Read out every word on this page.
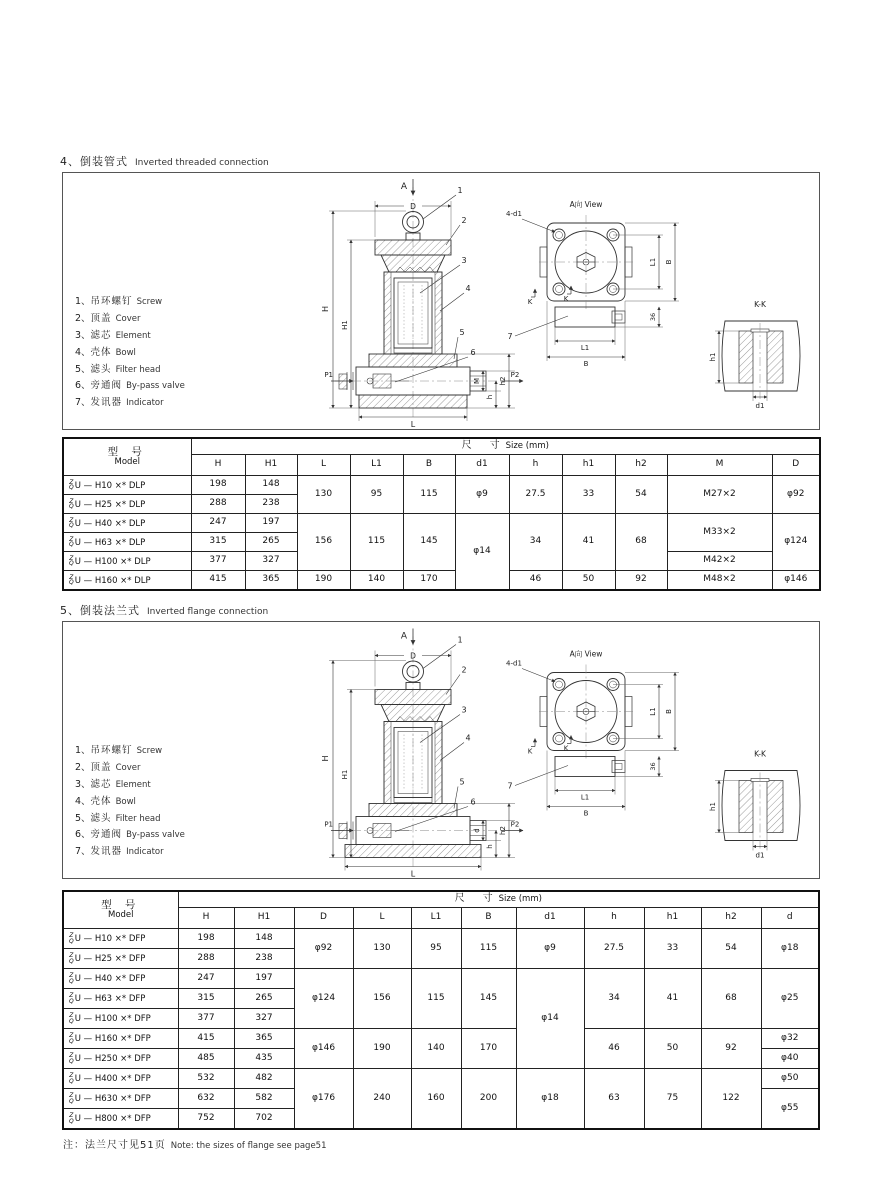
4、倒装管式 Inverted threaded connection
1、吊环螺钉 Screw
2、顶盖 Cover
3、滤芯 Element
4、壳体 Bowl
5、滤头 Filter head
6、旁通阀 By-pass valve
7、发讯器 Indicator
A
D
P1	P2
M
h
h2
H
H1
L
1
2
3
4
5
6
A向 View
4-d1
K	K
7
L1 B
36
L1
B
K-K
h1
d1
型 号
Model	尺　寸 Size (mm)										
	H	H1	L	L1	B	d1	h	h1	h2	M	D

Z
Q U — H10 ×* DLP	198	148	130	95	115	φ9	27.5	33	54	M27×2	φ92

Z
Q U — H25 ×* DLP	288	238									

Z
Q U — H40 ×* DLP	247	197	156	115	145	φ14	34	41	68	M33×2	φ124

Z
Q U — H63 ×* DLP	315	265									

Z
Q U — H100 ×* DLP	377	327								M42×2	

Z
Q U — H160 ×* DLP	415	365	190	140	170		46	50	92	M48×2	φ146
5、倒装法兰式 Inverted flange connection
1、吊环螺钉 Screw
2、顶盖 Cover
3、滤芯 Element
4、壳体 Bowl
5、滤头 Filter head
6、旁通阀 By-pass valve
7、发讯器 Indicator
A
D
P1	P2
d
h
h2
H
H1
L
1
2
3
4
5
6
A向 View
4-d1
K	K
7
L1 B
36
L1
B
K-K
h1
d1
型 号
Model	尺　寸 Size (mm)										
	H	H1	D	L	L1	B	d1	h	h1	h2	d

Z
Q U — H10 ×* DFP	198	148	φ92	130	95	115	φ9	27.5	33	54	φ18

Z
Q U — H25 ×* DFP	288	238									

Z
Q U — H40 ×* DFP	247	197	φ124	156	115	145	φ14	34	41	68	φ25

Z
Q U — H63 ×* DFP	315	265									

Z
Q U — H100 ×* DFP	377	327									

Z
Q U — H160 ×* DFP	415	365	φ146	190	140	170		46	50	92	φ32

Z
Q U — H250 ×* DFP	485	435									φ40

Z
Q U — H400 ×* DFP	532	482	φ176	240	160	200	φ18	63	75	122	φ50

Z
Q U — H630 ×* DFP	632	582									φ55

Z
Q U — H800 ×* DFP	752	702									
注：法兰尺寸见51页 Note: the sizes of flange see page51
